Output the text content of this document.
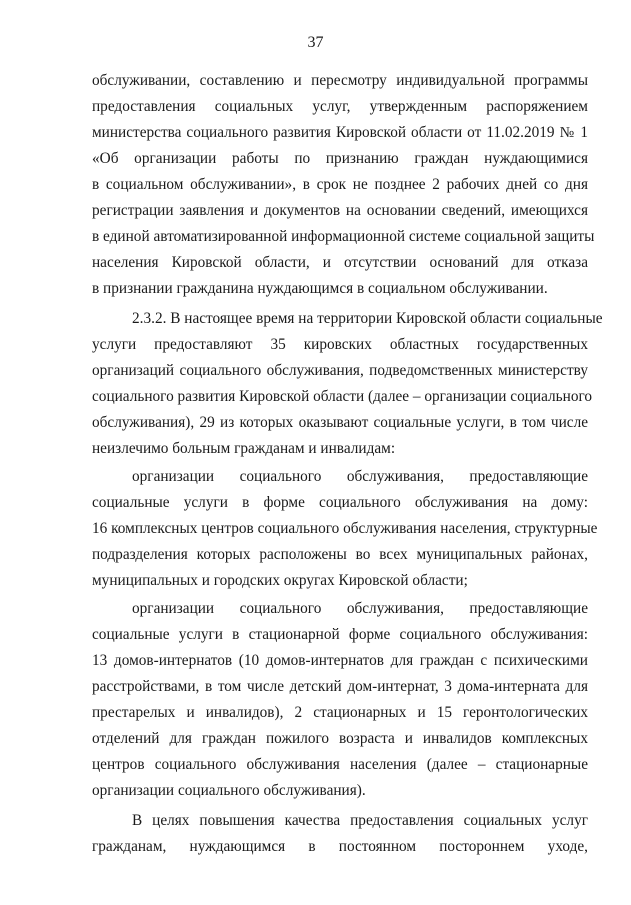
37
обслуживании, составлению и пересмотру индивидуальной программы
предоставления социальных услуг, утвержденным распоряжением
министерства социального развития Кировской области от 11.02.2019 № 1
«Об организации работы по признанию граждан нуждающимися
в социальном обслуживании», в срок не позднее 2 рабочих дней со дня
регистрации заявления и документов на основании сведений, имеющихся
в единой автоматизированной информационной системе социальной защиты
населения Кировской области, и отсутствии оснований для отказа
в признании гражданина нуждающимся в социальном обслуживании.
2.3.2. В настоящее время на территории Кировской области социальные
услуги предоставляют 35 кировских областных государственных
организаций социального обслуживания, подведомственных министерству
социального развития Кировской области (далее – организации социального
обслуживания), 29 из которых оказывают социальные услуги, в том числе
неизлечимо больным гражданам и инвалидам:
организации социального обслуживания, предоставляющие
социальные услуги в форме социального обслуживания на дому:
16 комплексных центров социального обслуживания населения, структурные
подразделения которых расположены во всех муниципальных районах,
муниципальных и городских округах Кировской области;
организации социального обслуживания, предоставляющие
социальные услуги в стационарной форме социального обслуживания:
13 домов-интернатов (10 домов-интернатов для граждан с психическими
расстройствами, в том числе детский дом-интернат, 3 дома-интерната для
престарелых и инвалидов), 2 стационарных и 15 геронтологических
отделений для граждан пожилого возраста и инвалидов комплексных
центров социального обслуживания населения (далее – стационарные
организации социального обслуживания).
В целях повышения качества предоставления социальных услуг
гражданам, нуждающимся в постоянном постороннем уходе,
